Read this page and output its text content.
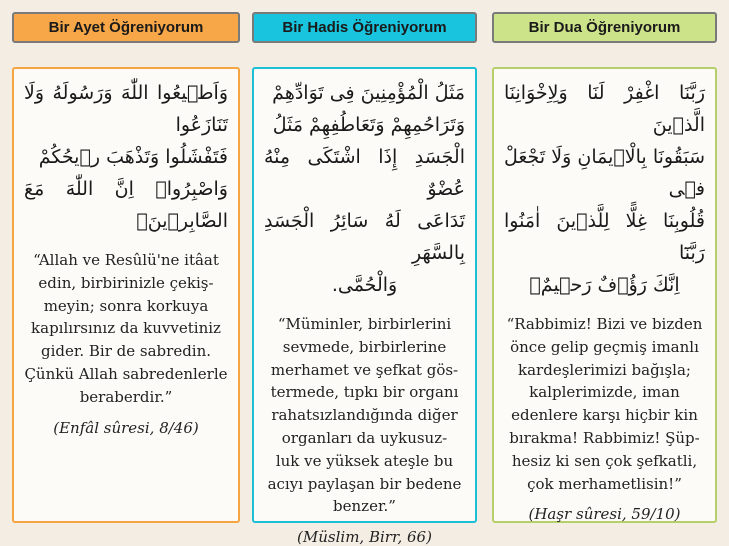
Bir Ayet Öğreniyorum	Bir Hadis Öğreniyorum	Bir Dua Öğreniyorum
وَاَطٖيعُوا اللّٰهَ وَرَسُولَهُ وَلَا تَنَازَعُوا
فَتَفْشَلُوا وَتَذْهَبَ رٖيحُكُمْ
وَاصْبِرُواۜ اِنَّ اللّٰهَ مَعَ الصَّابِرٖينَۚ
“Allah ve Resûlü'ne itâat
edin, birbirinizle çekiş-
meyin; sonra korkuya
kapılırsınız da kuvvetiniz
gider. Bir de sabredin.
Çünkü Allah sabredenlerle
beraberdir.”
(Enfâl sûresi, 8/46)
مَثَلُ الْمُؤْمِنِينَ فِى تَوَادِّهِمْ
وَتَرَاحُمِهِمْ وَتَعَاطُفِهِمْ مَثَلُ
الْجَسَدِ إِذَا اشْتَكَى مِنْهُ عُضْوٌ
تَدَاعَى لَهُ سَائِرُ الْجَسَدِ بِالسَّهَرِ
وَالْحُمَّى.
“Müminler, birbirlerini
sevmede, birbirlerine
merhamet ve şefkat gös-
termede, tıpkı bir organı
rahatsızlandığında diğer
organları da uykusuz-
luk ve yüksek ateşle bu
acıyı paylaşan bir bedene
benzer.”
(Müslim, Birr, 66)
رَبَّنَا اغْفِرْ لَنَا وَلِاِخْوَانِنَا الَّذٖينَ
سَبَقُونَا بِالْاٖيمَانِ وَلَا تَجْعَلْ فٖى
قُلُوبِنَا غِلًّا لِلَّذٖينَ اٰمَنُوا رَبَّنَٓا
اِنَّكَ رَؤُ۫فٌ رَحٖيمٌ۟
“Rabbimiz! Bizi ve bizden
önce gelip geçmiş imanlı
kardeşlerimizi bağışla;
kalplerimizde, iman
edenlere karşı hiçbir kin
bırakma! Rabbimiz! Şüp-
hesiz ki sen çok şefkatli,
çok merhametlisin!”
(Haşr sûresi, 59/10)
